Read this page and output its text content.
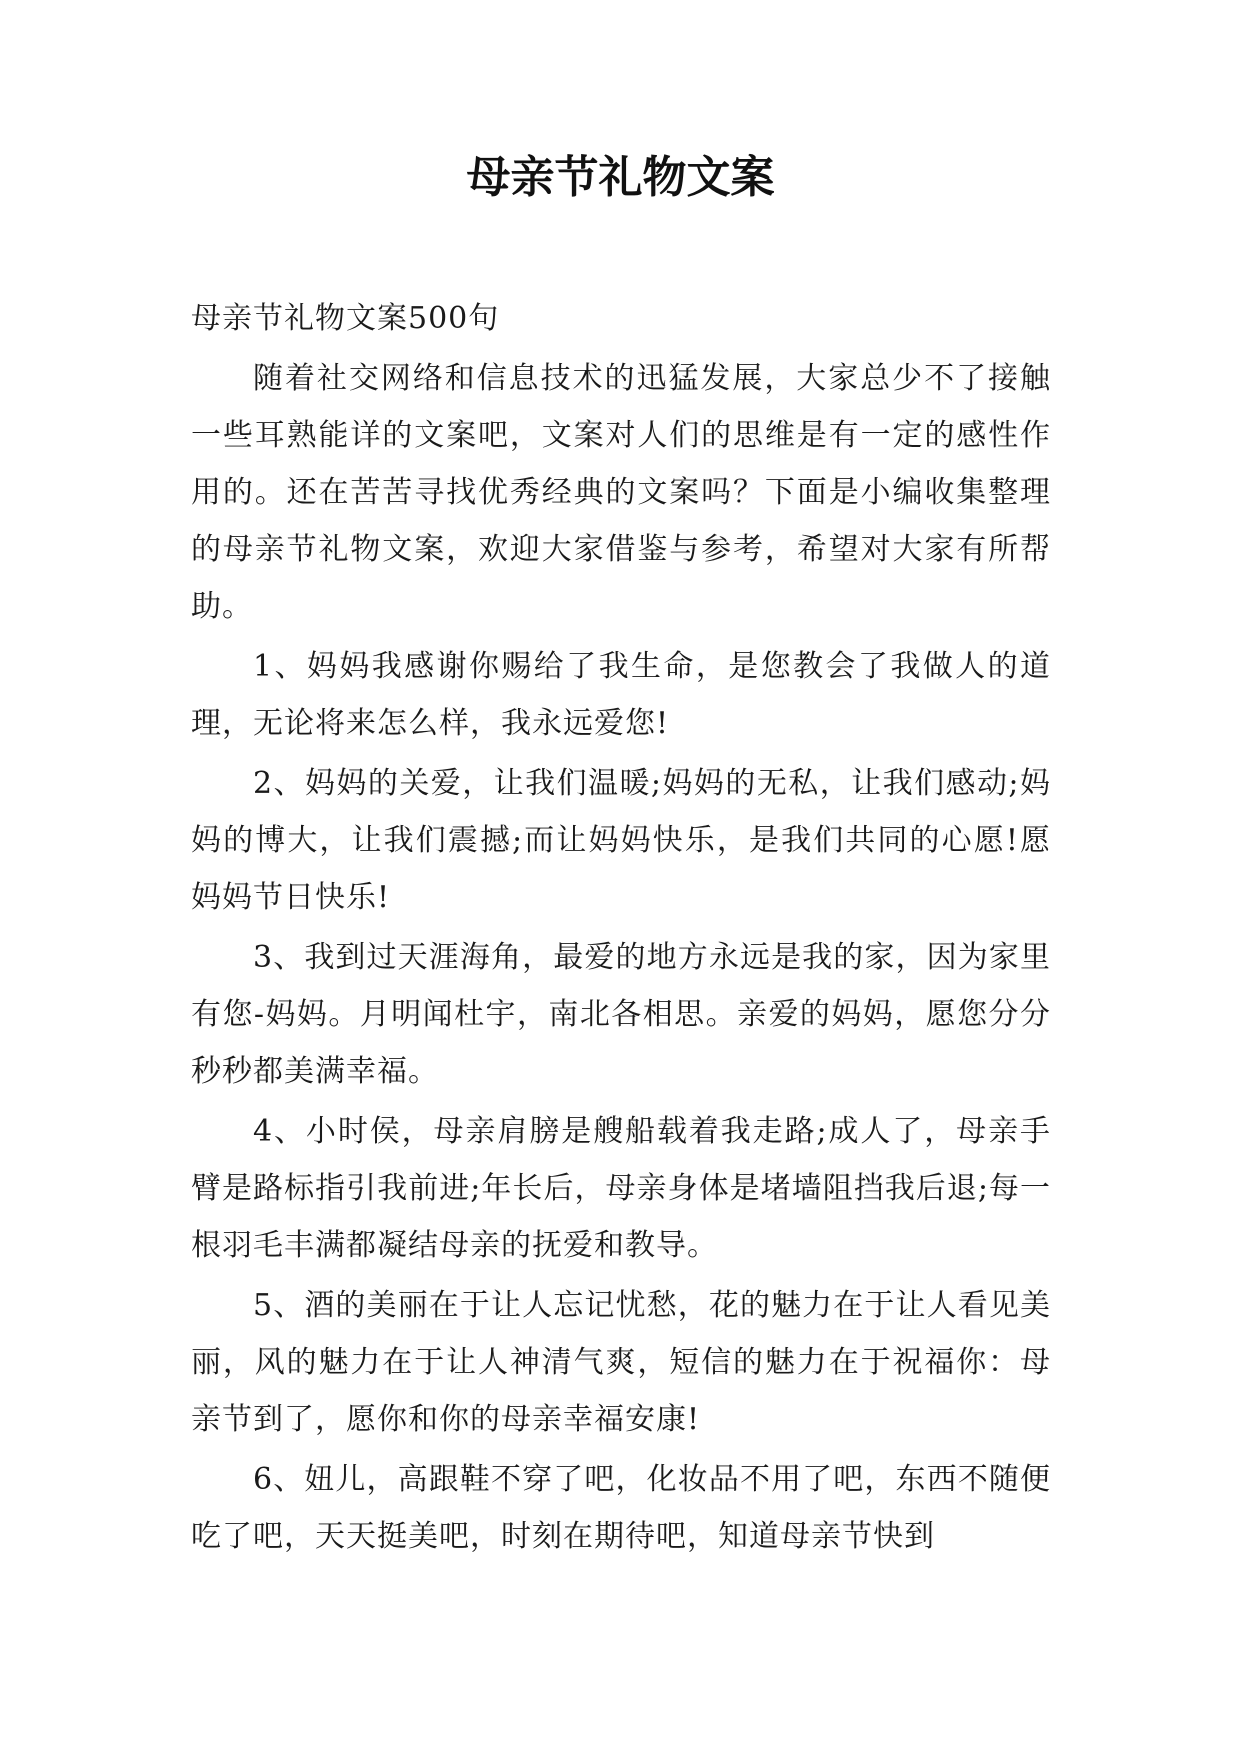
母亲节礼物文案

母亲节礼物文案500句

随着社交网络和信息技术的迅猛发展，大家总少不了接触一些耳熟能详的文案吧，文案对人们的思维是有一定的感性作用的。还在苦苦寻找优秀经典的文案吗？下面是小编收集整理的母亲节礼物文案，欢迎大家借鉴与参考，希望对大家有所帮助。

1、妈妈我感谢你赐给了我生命，是您教会了我做人的道理，无论将来怎么样，我永远爱您!

2、妈妈的关爱，让我们温暖;妈妈的无私，让我们感动;妈妈的博大，让我们震撼;而让妈妈快乐，是我们共同的心愿!愿妈妈节日快乐!

3、我到过天涯海角，最爱的地方永远是我的家，因为家里有您-妈妈。月明闻杜宇，南北各相思。亲爱的妈妈，愿您分分秒秒都美满幸福。

4、小时侯，母亲肩膀是艘船载着我走路;成人了，母亲手臂是路标指引我前进;年长后，母亲身体是堵墙阻挡我后退;每一根羽毛丰满都凝结母亲的抚爱和教导。

5、酒的美丽在于让人忘记忧愁，花的魅力在于让人看见美丽，风的魅力在于让人神清气爽，短信的魅力在于祝福你：母亲节到了，愿你和你的母亲幸福安康!

6、妞儿，高跟鞋不穿了吧，化妆品不用了吧，东西不随便吃了吧，天天挺美吧，时刻在期待吧，知道母亲节快到
